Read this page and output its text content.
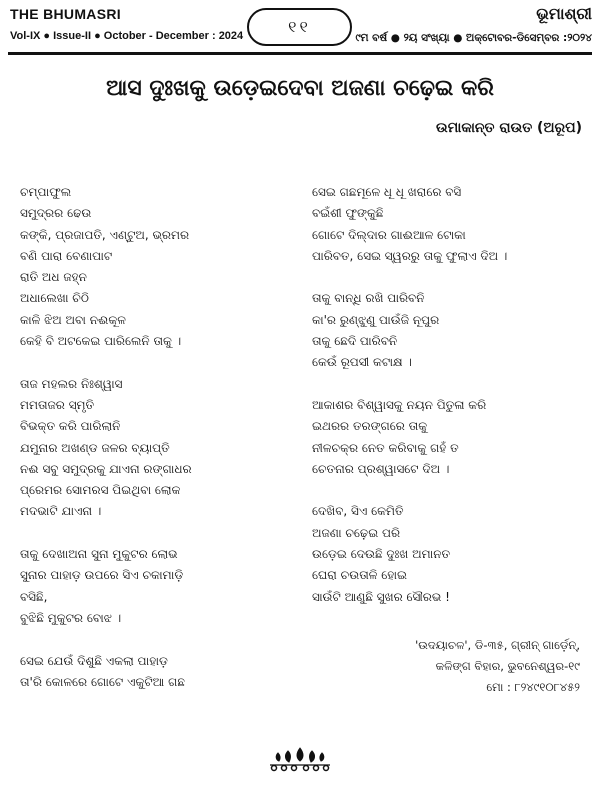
THE BHUMASRI
Vol-IX ● Issue-II ● October - December : 2024	୧୧
ଭୂମାଶ୍ରୀ
୯ମ ବର୍ଷ ● ୨ୟ ସଂଖ୍ୟା ● ଅକ୍ଟୋବର-ଡିସେମ୍ବର :୨୦୨୪
ଆସ ଦୁଃଖକୁ ଉଡ଼େଇଦେବା ଅଜଣା ଚଢ଼େଇ କରି
ଉମାକାନ୍ତ ରାଉତ (ଅରୂପ)
ଚମ୍ପାଫୁଲ
ସମୁଦ୍ରର ଢେଉ
କଙ୍କି, ପ୍ରଜାପତି, ଏଣ୍ଟୁଅ, ଭ୍ରମର
ବଣି ପାରା ବେଣାପାଟ
ରାତି ଅଧ ଜହ୍ନ
ଅଧାଲେଖା ଚିଠି
କାଳି ଝିଅ ଅବା ନଈକୂଳ
କେହି ବି ଅଟକେଇ ପାରିଲେନି ତାକୁ ।
ତାଜ ମହଲର ନିଃଶ୍ୱାସ
ମମତାଜର ସ୍ମୃତି
ବିଭକ୍ତ କରି ପାରିଲାନି
ଯମୁନାର ଅଖଣ୍ଡ ଜଳର ବ୍ୟାପ୍ତି
ନଈ ସବୁ ସମୁଦ୍ରକୁ ଯାଏନା ରଙ୍ଗାଧର
ପ୍ରେମର ସୋମରସ ପିଇଥିବା ଲୋକ
ମଦଭାଟି ଯାଏନା ।
ତାକୁ ଦେଖାଅନା ସୁନା ମୁକୁଟର ଲୋଭ
ସୁନାର ପାହାଡ଼ ଉପରେ ସିଏ ଚକାମାଡ଼ି
ବସିଛି,
ବୁଝିଛି ମୁକୁଟର ବୋଝ ।
ସେଇ ଯେଉଁ ଦିଶୁଛି ଏକଲା ପାହାଡ଼
ତା'ରି କୋଳରେ ଗୋଟେ ଏକୁଟିଆ ଗଛ
ସେଇ ଗଛମୂଳେ ଧୂ ଧୂ ଖରାରେ ବସି
ବଇଁଶୀ ଫୁଙ୍କୁଛି
ଗୋଟେ ଦିଲ୍‌ଦାର ଗାଈଆଳ ଟୋକା
ପାରିବତ, ସେଇ ସ୍ୱରରୁ ତାକୁ ଫୁଲାଏ ଦିଅ ।
ତାକୁ ବାନ୍ଧି ରଖି ପାରିବନି
କା'ର ରୁଣ୍ଝୁଣୁ ପାଉଁଜି ନୂପୁର
ତାକୁ ଛେଦି ପାରିବନି
କେଉଁ ରୂପସୀ କଟାକ୍ଷ ।
ଆକାଶର ବିଶ୍ୱାସକୁ ନୟନ ପିତୁଳା କରି
ଇଥରର ତରଙ୍ଗରେ ତାକୁ
ନୀଳଚକ୍ର ନେତ କରିବାକୁ ଗହଁ ତ
ଚେତନାର ପ୍ରଶ୍ୱାସଟେ ଦିଅ ।
ଦେଖିବ, ସିଏ କେମିତି
ଅଜଣା ଚଢ଼େଇ ପରି
ଉଡ଼େଇ ଦେଉଛି ଦୁଃଖ ଅମାନତ
ଘେରା ଚଉତାଳି ହୋଇ
ସାଉଁଟି ଆଣୁଛି ସୁଖର ସୌରଭ !
'ଉଦୟାଚଳ', ଡି-୩୫, ଗ୍ରୀନ୍ ଗାର୍ଡ଼େନ୍,
କଳିଙ୍ଗ ବିହାର, ଭୁବନେଶ୍ୱର-୧୯
ମୋ : ୮୨୪୯୧୦୮୪୫୨
